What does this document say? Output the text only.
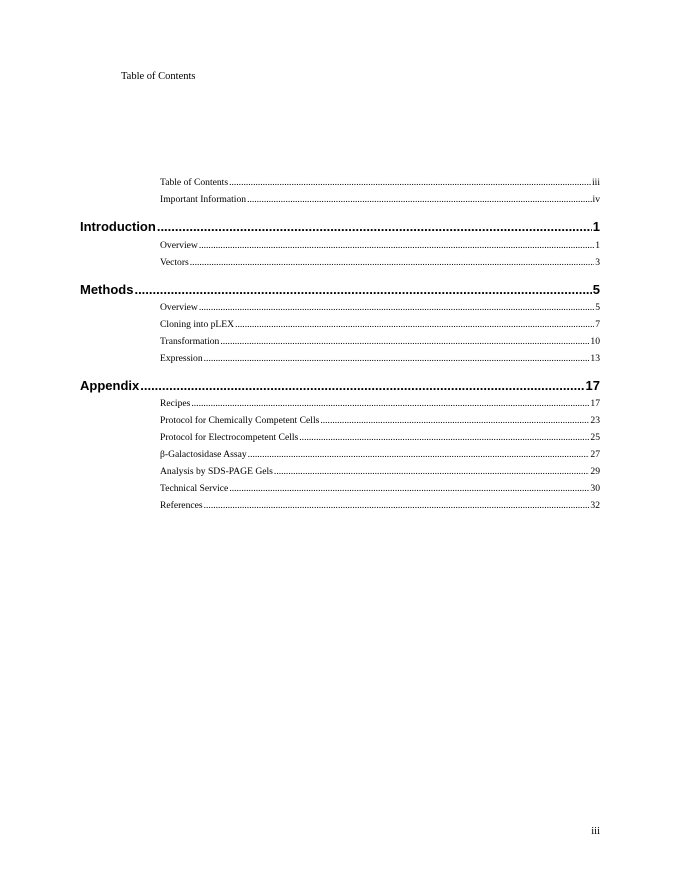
Table of Contents
Table of Contents .....	iii
Important Information .....	iv
Introduction .....	1
Overview .....	1
Vectors .....	3
Methods .....	5
Overview .....	5
Cloning into pLEX .....	7
Transformation .....	10
Expression .....	13
Appendix .....	17
Recipes .....	17
Protocol for Chemically Competent Cells .....	23
Protocol for Electrocompetent Cells .....	25
β-Galactosidase Assay .....	27
Analysis by SDS-PAGE Gels .....	29
Technical Service .....	30
References .....	32
iii
